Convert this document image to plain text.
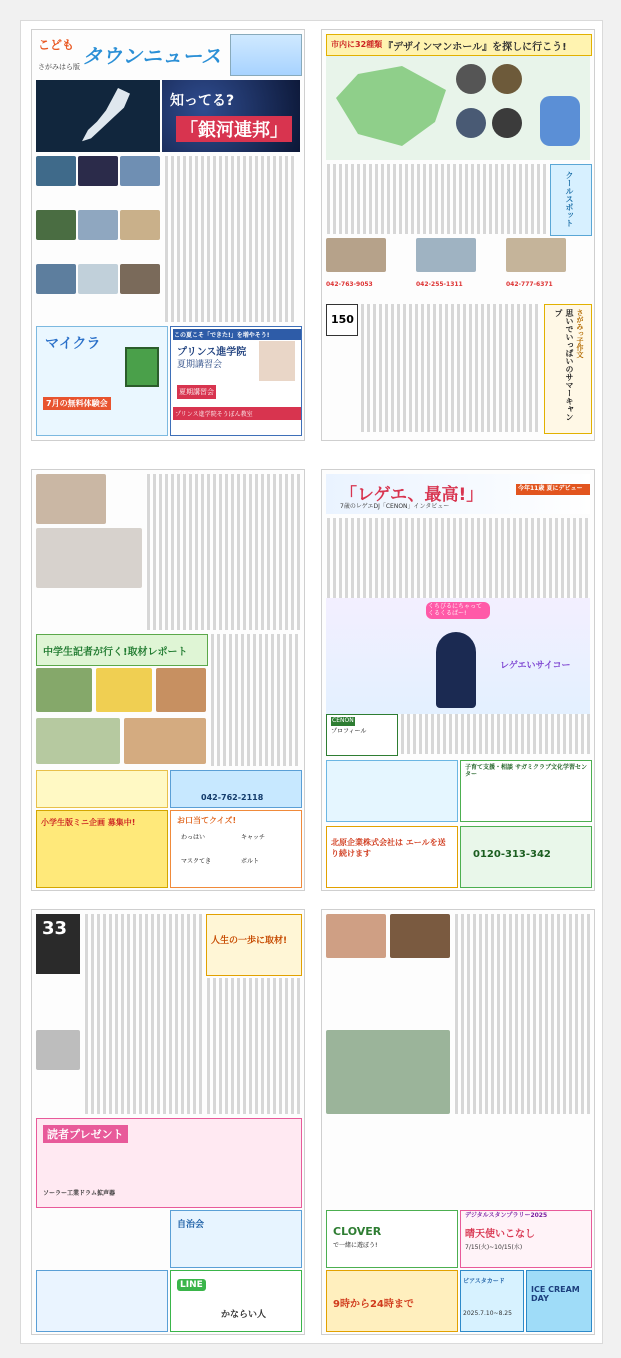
こども タウンニュース
さがみはら版
知ってる?
「銀河連邦」
マイクラ
7月の無料体験会
この夏こそ「できた!」を増やそう!
プリンス進学院
夏期講習会
夏期講習会
プリンス進学院そうぼん教室
市内に32種類 『デザインマンホール』を探しに行こう!
クールスポット
042-763-9053	042-255-1311	042-777-6371
150	さがみっ子作文
思いでいっぱいのサマーキャンプ
中学生記者が行く!取材レポート
042-762-2118
小学生版ミニ企画 募集中!	お口当てクイズ!
わっはい	キャッチ
マスクてき	ボルト
「レゲエ、最高!」
7歳のレゲエDJ「CENON」インタビュー
今年11歳 夏にデビュー
くちびるにちゃって くるくるぱー!
レゲエいサイコー
CENON
プロフィール
子育て支援・相談 サガミクラブ文化学習センター
北原企業株式会社は エールを送り続けます	0120-313-342
33
人生の一歩に取材!
読者プレゼント
ソーラー工業ドラム拡声器
自治会
LINE
かならい人
CLOVER
で一緒に遊ぼう!
デジタルスタンプラリー2025
晴天使いこなし
7/15(火)~10/15(水)
9時から24時まで
ビアスタカード
2025.7.10~8.25
ICE CREAM DAY
